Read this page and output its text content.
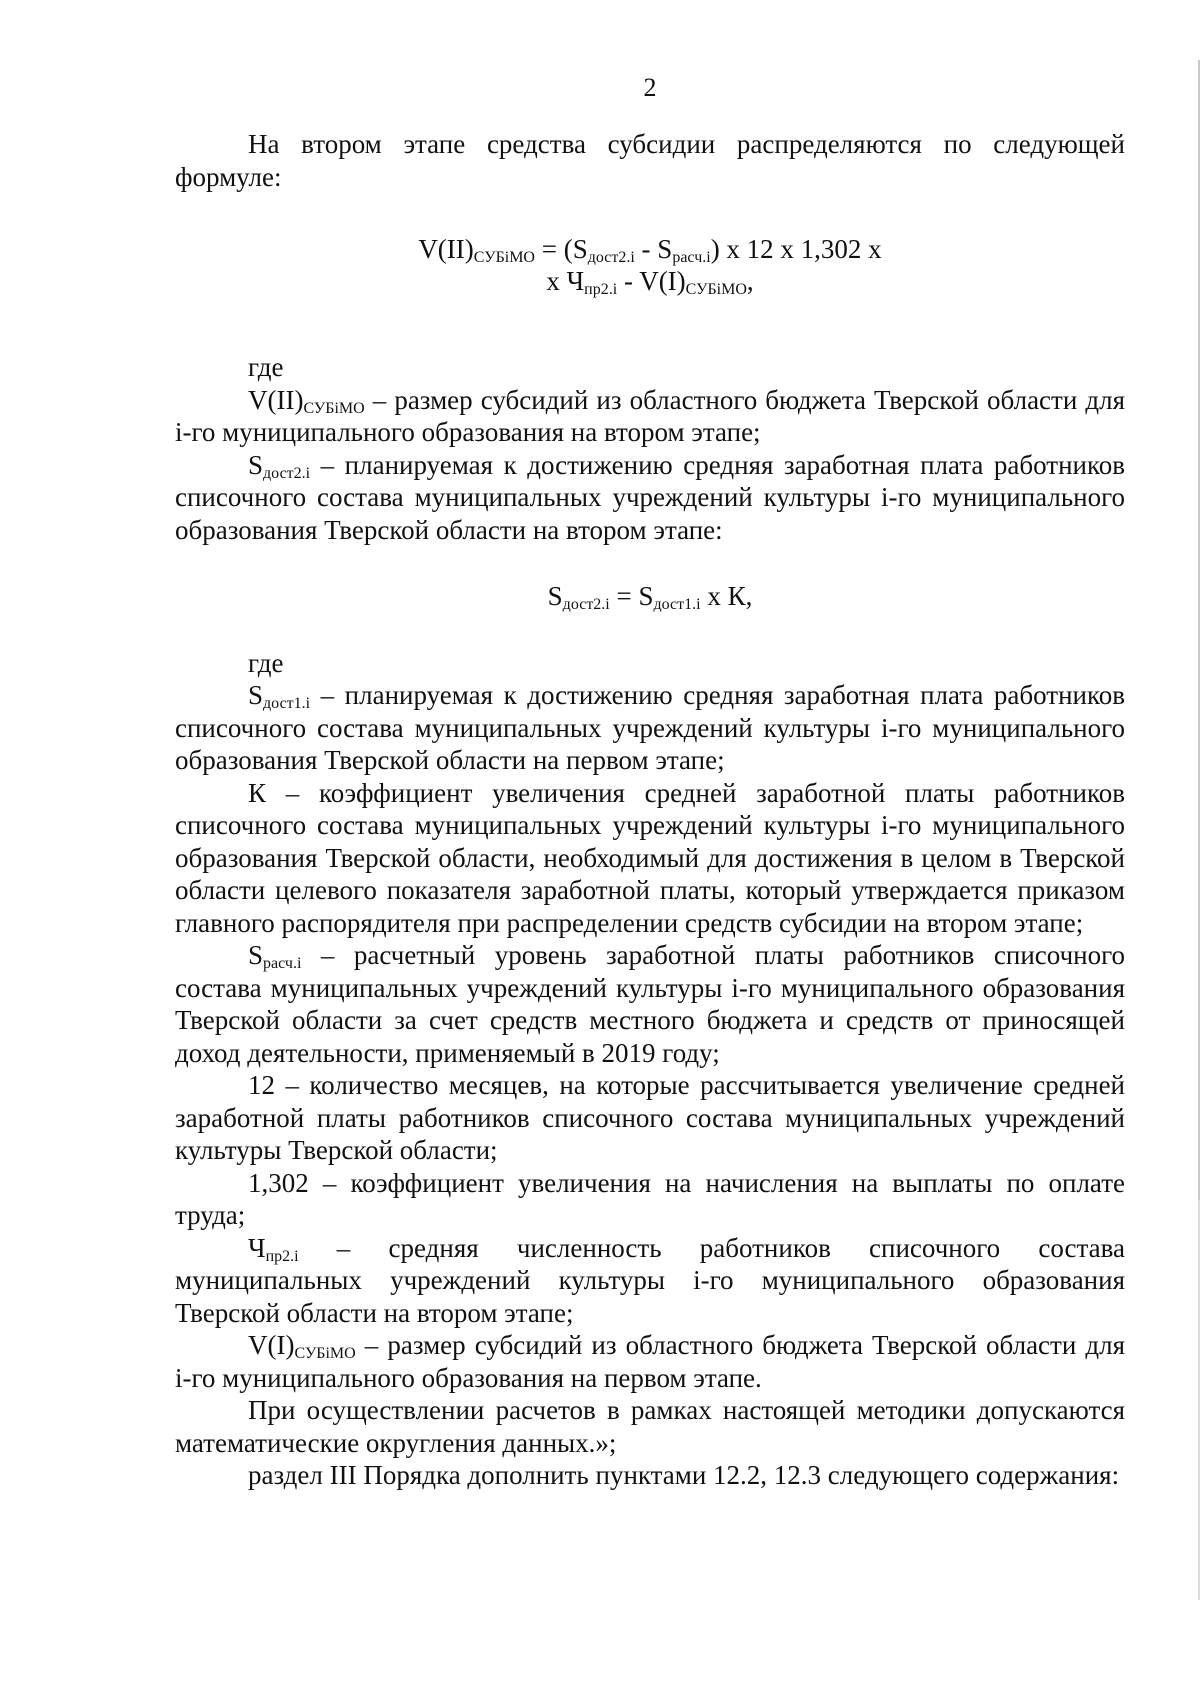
2

На втором этапе средства субсидии распределяются по следующей формуле:

$V(II)_{СУБiМО} = (S_{дост2.i} - S_{расч.i})$ х 12 х 1,302 х
х $Ч_{пр2.i} - V(I)_{СУБiМО}$,

где

$V(II)_{СУБiМО}$ – размер субсидий из областного бюджета Тверской области для i-го муниципального образования на втором этапе;

$S_{дост2.i}$ – планируемая к достижению средняя заработная плата работников списочного состава муниципальных учреждений культуры i-го муниципального образования Тверской области на втором этапе:

$S_{дост2.i} = S_{дост1.i}$ х К,

где

$S_{дост1.i}$ – планируемая к достижению средняя заработная плата работников списочного состава муниципальных учреждений культуры i-го муниципального образования Тверской области на первом этапе;

К – коэффициент увеличения средней заработной платы работников списочного состава муниципальных учреждений культуры i-го муниципального образования Тверской области, необходимый для достижения в целом в Тверской области целевого показателя заработной платы, который утверждается приказом главного распорядителя при распределении средств субсидии на втором этапе;

$S_{расч.i}$ – расчетный уровень заработной платы работников списочного состава муниципальных учреждений культуры i-го муниципального образования Тверской области за счет средств местного бюджета и средств от приносящей доход деятельности, применяемый в 2019 году;

12 – количество месяцев, на которые рассчитывается увеличение средней заработной платы работников списочного состава муниципальных учреждений культуры Тверской области;

1,302 – коэффициент увеличения на начисления на выплаты по оплате труда;

$Ч_{пр2.i}$ – средняя численность работников списочного состава муниципальных учреждений культуры i-го муниципального образования Тверской области на втором этапе;

$V(I)_{СУБiМО}$ – размер субсидий из областного бюджета Тверской области для i-го муниципального образования на первом этапе.

При осуществлении расчетов в рамках настоящей методики допускаются математические округления данных.»;

раздел III Порядка дополнить пунктами 12.2, 12.3 следующего содержания:
